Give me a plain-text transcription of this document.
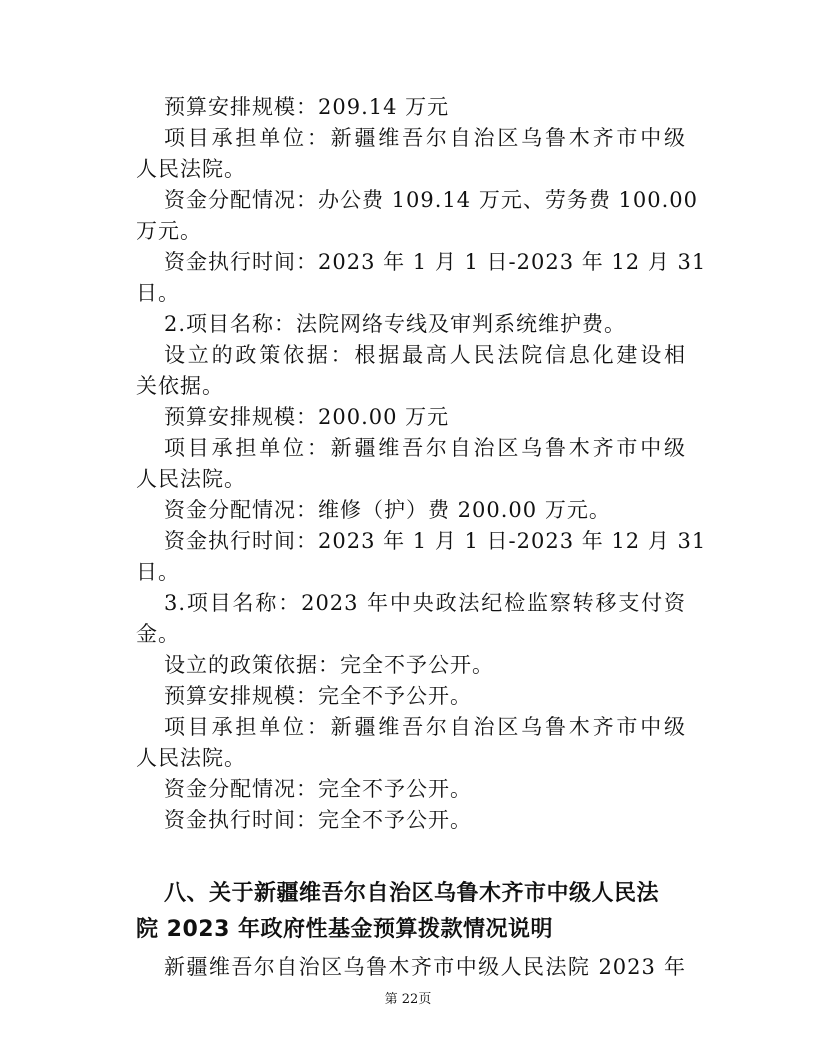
预算安排规模：209.14 万元
项目承担单位：新疆维吾尔自治区乌鲁木齐市中级
人民法院。
资金分配情况：办公费 109.14 万元、劳务费 100.00
万元。
资金执行时间：2023 年 1 月 1 日-2023 年 12 月 31
日。
2.项目名称：法院网络专线及审判系统维护费。
设立的政策依据：根据最高人民法院信息化建设相
关依据。
预算安排规模：200.00 万元
项目承担单位：新疆维吾尔自治区乌鲁木齐市中级
人民法院。
资金分配情况：维修（护）费 200.00 万元。
资金执行时间：2023 年 1 月 1 日-2023 年 12 月 31
日。
3.项目名称：2023 年中央政法纪检监察转移支付资
金。
设立的政策依据：完全不予公开。
预算安排规模：完全不予公开。
项目承担单位：新疆维吾尔自治区乌鲁木齐市中级
人民法院。
资金分配情况：完全不予公开。
资金执行时间：完全不予公开。
八、关于新疆维吾尔自治区乌鲁木齐市中级人民法
院 2023 年政府性基金预算拨款情况说明
新疆维吾尔自治区乌鲁木齐市中级人民法院 2023 年
第 22页
